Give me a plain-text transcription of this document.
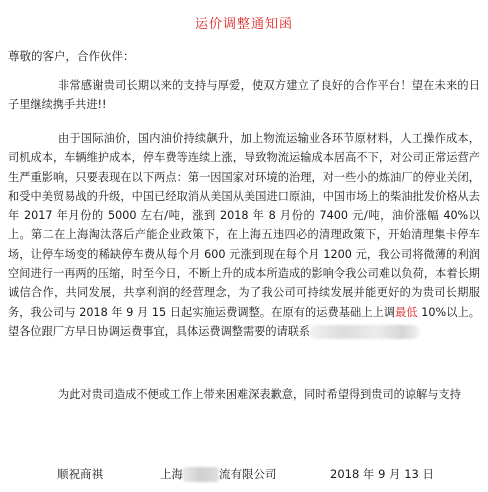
运价调整通知函
尊敬的客户，合作伙伴：

非常感谢贵司长期以来的支持与厚爱，使双方建立了良好的合作平台！望在未来的日子里继续携手共进!!

由于国际油价，国内油价持续飙升，加上物流运输业各环节原材料，人工操作成本，司机成本，车辆维护成本，停车费等连续上涨，导致物流运输成本居高不下，对公司正常运营产生严重影响，只要表现在以下两点：第一因国家对环境的治理，对一些小的炼油厂的停业关闭，和受中美贸易战的升级，中国已经取消从美国从美国进口原油，中国市场上的柴油批发价格从去年 2017 年月份的 5000 左右/吨，涨到 2018 年 8 月份的 7400 元/吨，油价涨幅 40%以上。第二在上海淘汰落后产能企业政策下，在上海五违四必的清理政策下，开始清理集卡停车场，让停车场变的稀缺停车费从每个月 600 元涨到现在每个月 1200 元，我公司将微薄的利润空间进行一再两的压缩，时至今日，不断上升的成本所造成的影响令我公司难以负荷，本着长期诚信合作，共同发展，共享利润的经营理念，为了我公司可持续发展并能更好的为贵司长期服务，我公司与 2018 年 9 月 15 日起实施运费调整。在原有的运费基础上上调最低 10%以上。望各位跟厂方早日协调运费事宜，具体运费调整需要的请联系

为此对贵司造成不便或工作上带来困难深表歉意，同时希望得到贵司的谅解与支持

顺祝商祺	上海	流有限公司	2018 年 9 月 13 日
